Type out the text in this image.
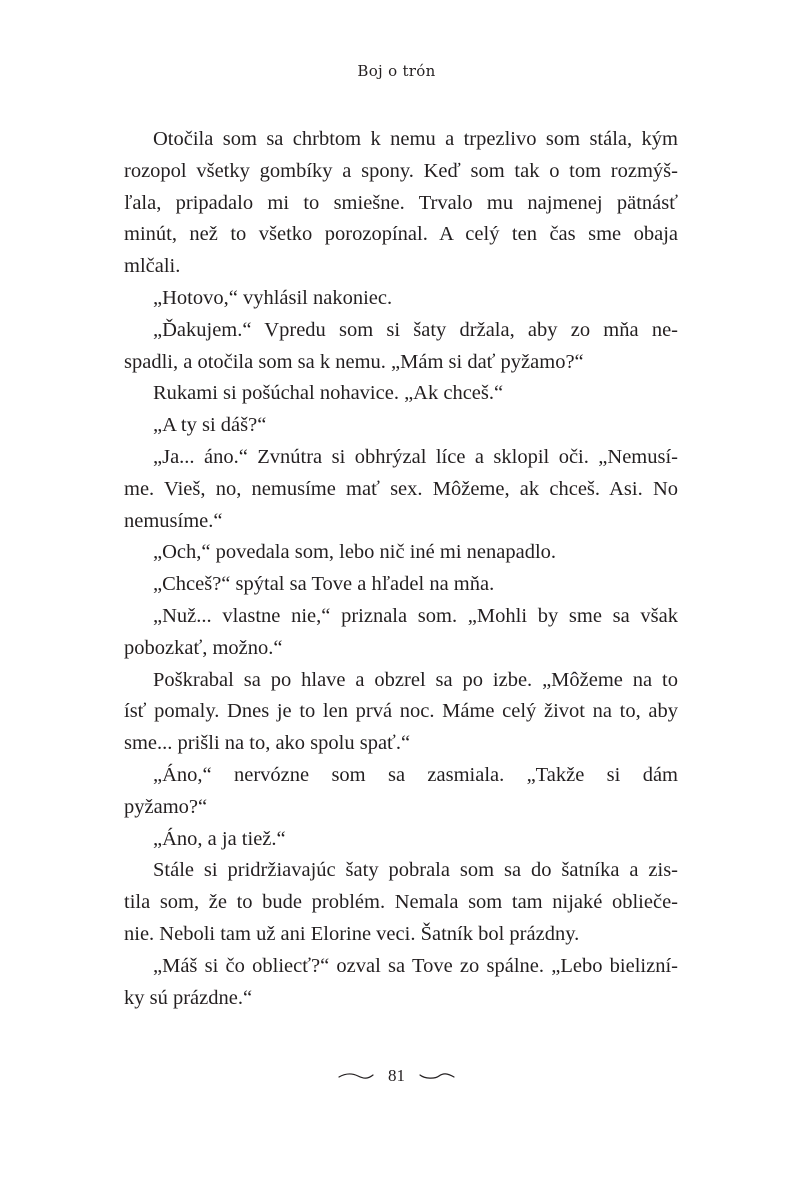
Boj o trón
Otočila som sa chrbtom k nemu a trpezlivo som stála, kým
rozopol všetky gombíky a spony. Keď som tak o tom rozmýš-
ľala, pripadalo mi to smiešne. Trvalo mu najmenej pätnásť
minút, než to všetko porozopínal. A celý ten čas sme obaja
mlčali.
„Hotovo,“ vyhlásil nakoniec.
„Ďakujem.“ Vpredu som si šaty držala, aby zo mňa ne-
spadli, a otočila som sa k nemu. „Mám si dať pyžamo?“
Rukami si pošúchal nohavice. „Ak chceš.“
„A ty si dáš?“
„Ja... áno.“ Zvnútra si obhrýzal líce a sklopil oči. „Nemusí-
me. Vieš, no, nemusíme mať sex. Môžeme, ak chceš. Asi. No
nemusíme.“
„Och,“ povedala som, lebo nič iné mi nenapadlo.
„Chceš?“ spýtal sa Tove a hľadel na mňa.
„Nuž... vlastne nie,“ priznala som. „Mohli by sme sa však
pobozkať, možno.“
Poškrabal sa po hlave a obzrel sa po izbe. „Môžeme na to
ísť pomaly. Dnes je to len prvá noc. Máme celý život na to, aby
sme... prišli na to, ako spolu spať.“
„Áno,“ nervózne som sa zasmiala. „Takže si dám
pyžamo?“
„Áno, a ja tiež.“
Stále si pridržiavajúc šaty pobrala som sa do šatníka a zis-
tila som, že to bude problém. Nemala som tam nijaké oblieče-
nie. Neboli tam už ani Elorine veci. Šatník bol prázdny.
„Máš si čo obliecť?“ ozval sa Tove zo spálne. „Lebo bielizní-
ky sú prázdne.“
81
